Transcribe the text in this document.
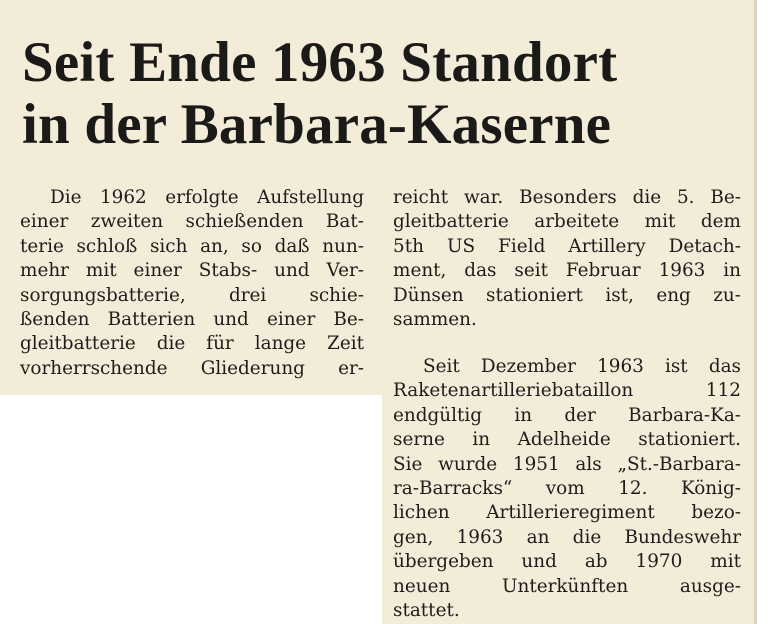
Seit Ende 1963 Standort
in der Barbara-Kaserne
Die 1962 erfolgte Aufstellung
einer zweiten schießenden Bat-
terie schloß sich an, so daß nun-
mehr mit einer Stabs- und Ver-
sorgungsbatterie, drei schie-
ßenden Batterien und einer Be-
gleitbatterie die für lange Zeit
vorherrschende Gliederung er-
reicht war. Besonders die 5. Be-
gleitbatterie arbeitete mit dem
5th US Field Artillery Detach-
ment, das seit Februar 1963 in
Dünsen stationiert ist, eng zu-
sammen.
Seit Dezember 1963 ist das
Raketenartilleriebataillon 112
endgültig in der Barbara-Ka-
serne in Adelheide stationiert.
Sie wurde 1951 als „St.-Barbara-
ra-Barracks“ vom 12. König-
lichen Artillerieregiment bezo-
gen, 1963 an die Bundeswehr
übergeben und ab 1970 mit
neuen Unterkünften ausge-
stattet.
